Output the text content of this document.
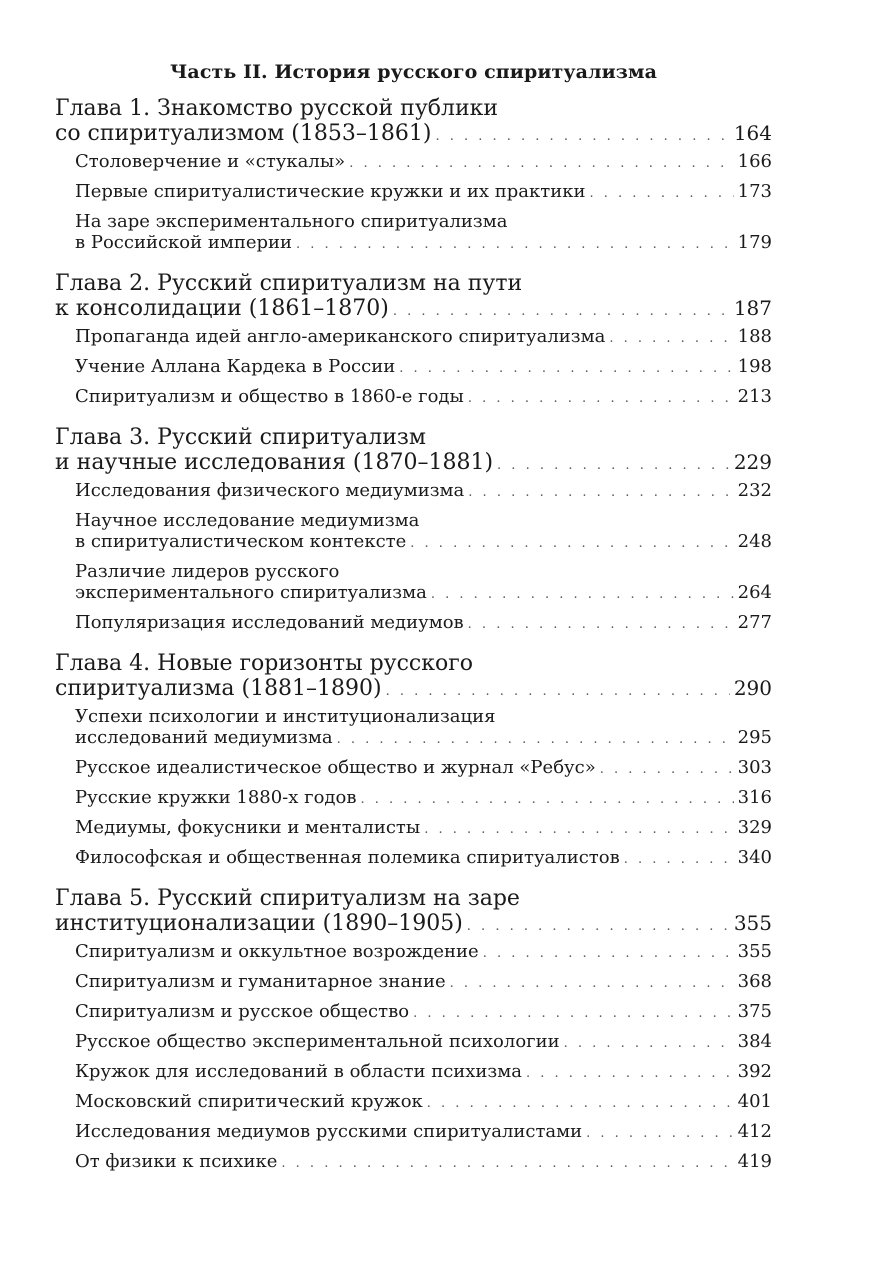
Часть II. История русского спиритуализма
Глава 1. Знакомство русской публики
со спиритуализмом (1853–1861) . . .	164
Столоверчение и «стукалы» . . .	166
Первые спиритуалистические кружки и их практики . . .	173
На заре экспериментального спиритуализма
в Российской империи . . .	179
Глава 2. Русский спиритуализм на пути
к консолидации (1861–1870) . . .	187
Пропаганда идей англо-американского спиритуализма . . .	188
Учение Аллана Кардека в России . . .	198
Спиритуализм и общество в 1860-е годы . . .	213
Глава 3. Русский спиритуализм
и научные исследования (1870–1881) . . .	229
Исследования физического медиумизма . . .	232
Научное исследование медиумизма
в спиритуалистическом контексте . . .	248
Различие лидеров русского
экспериментального спиритуализма . . .	264
Популяризация исследований медиумов . . .	277
Глава 4. Новые горизонты русского
спиритуализма (1881–1890) . . .	290
Успехи психологии и институционализация
исследований медиумизма . . .	295
Русское идеалистическое общество и журнал «Ребус» . . .	303
Русские кружки 1880-х годов . . .	316
Медиумы, фокусники и менталисты . . .	329
Философская и общественная полемика спиритуалистов . . .	340
Глава 5. Русский спиритуализм на заре
институционализации (1890–1905) . . .	355
Спиритуализм и оккультное возрождение . . .	355
Спиритуализм и гуманитарное знание . . .	368
Спиритуализм и русское общество . . .	375
Русское общество экспериментальной психологии . . .	384
Кружок для исследований в области психизма . . .	392
Московский спиритический кружок . . .	401
Исследования медиумов русскими спиритуалистами . . .	412
От физики к психике . . .	419
